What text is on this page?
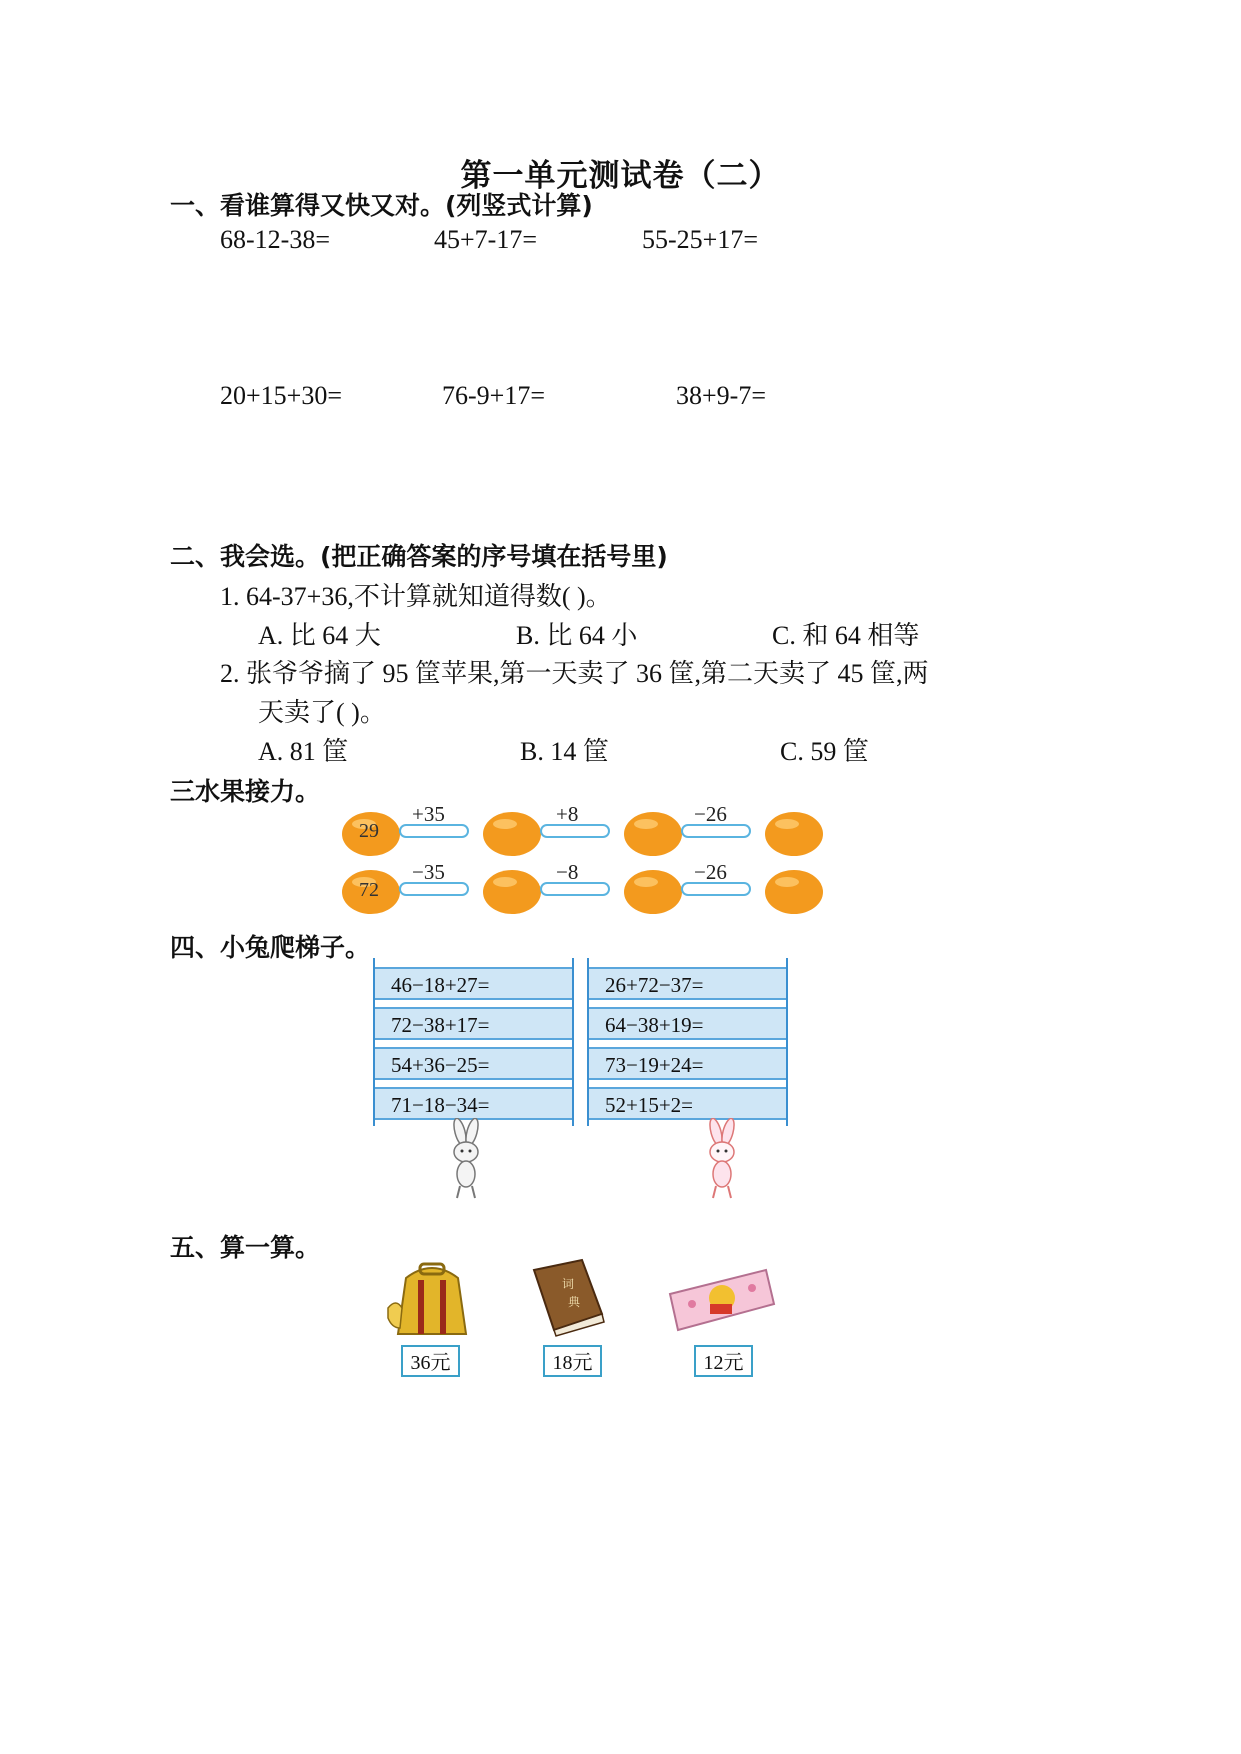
第一单元测试卷（二）
一、看谁算得又快又对。(列竖式计算)
68-12-38=	45+7-17=	55-25+17=
20+15+30=	76-9+17=	38+9-7=
二、我会选。(把正确答案的序号填在括号里)
1. 64-37+36,不计算就知道得数( )。
A. 比 64 大	B. 比 64 小	C. 和 64 相等
2. 张爷爷摘了 95 筐苹果,第一天卖了 36 筐,第二天卖了 45 筐,两
天卖了( )。
A. 81 筐	B. 14 筐	C. 59 筐
三水果接力。
29
+35	+8	−26
72
−35	−8	−26
四、小兔爬梯子。
46−18+27=
72−38+17=
54+36−25=
71−18−34=
26+72−37=
64−38+19=
73−19+24=
52+15+2=
五、算一算。
词
典
36元	18元	12元
